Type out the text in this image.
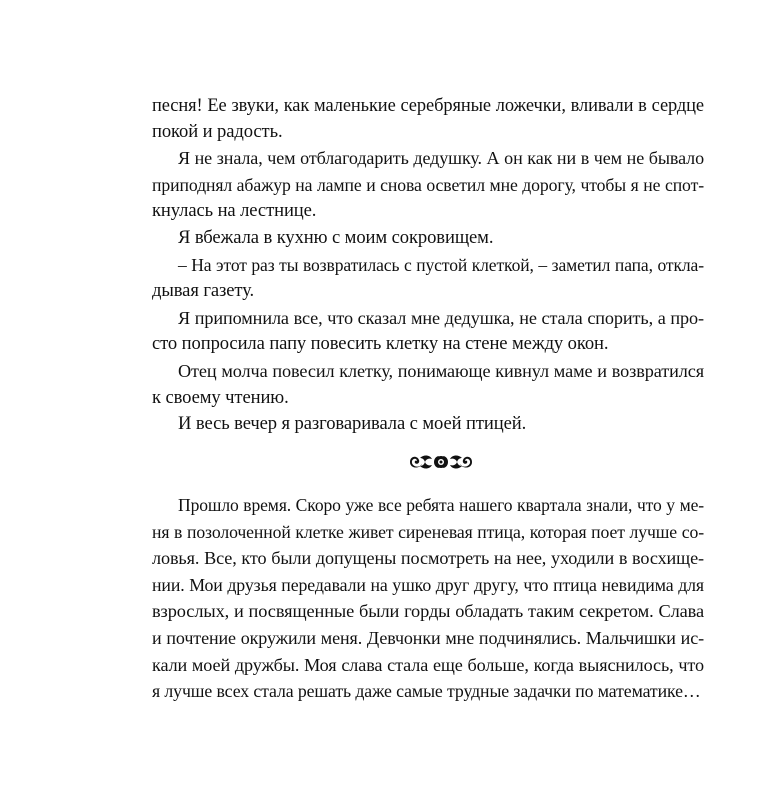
песня! Ее звуки, как маленькие серебряные ложечки, вливали в сердце
покой и радость.
Я не знала, чем отблагодарить дедушку. А он как ни в чем не бывало
приподнял абажур на лампе и снова осветил мне дорогу, чтобы я не спот-
кнулась на лестнице.
Я вбежала в кухню с моим сокровищем.
– На этот раз ты возвратилась с пустой клеткой, – заметил папа, откла-
дывая газету.
Я припомнила все, что сказал мне дедушка, не стала спорить, а про-
сто попросила папу повесить клетку на стене между окон.
Отец молча повесил клетку, понимающе кивнул маме и возвратился
к своему чтению.
И весь вечер я разговаривала с моей птицей.
Прошло время. Скоро уже все ребята нашего квартала знали, что у ме-
ня в позолоченной клетке живет сиреневая птица, которая поет лучше со-
ловья. Все, кто были допущены посмотреть на нее, уходили в восхище-
нии. Мои друзья передавали на ушко друг другу, что птица невидима для
взрослых, и посвященные были горды обладать таким секретом. Слава
и почтение окружили меня. Девчонки мне подчинялись. Мальчишки ис-
кали моей дружбы. Моя слава стала еще больше, когда выяснилось, что
я лучше всех стала решать даже самые трудные задачки по математике…
